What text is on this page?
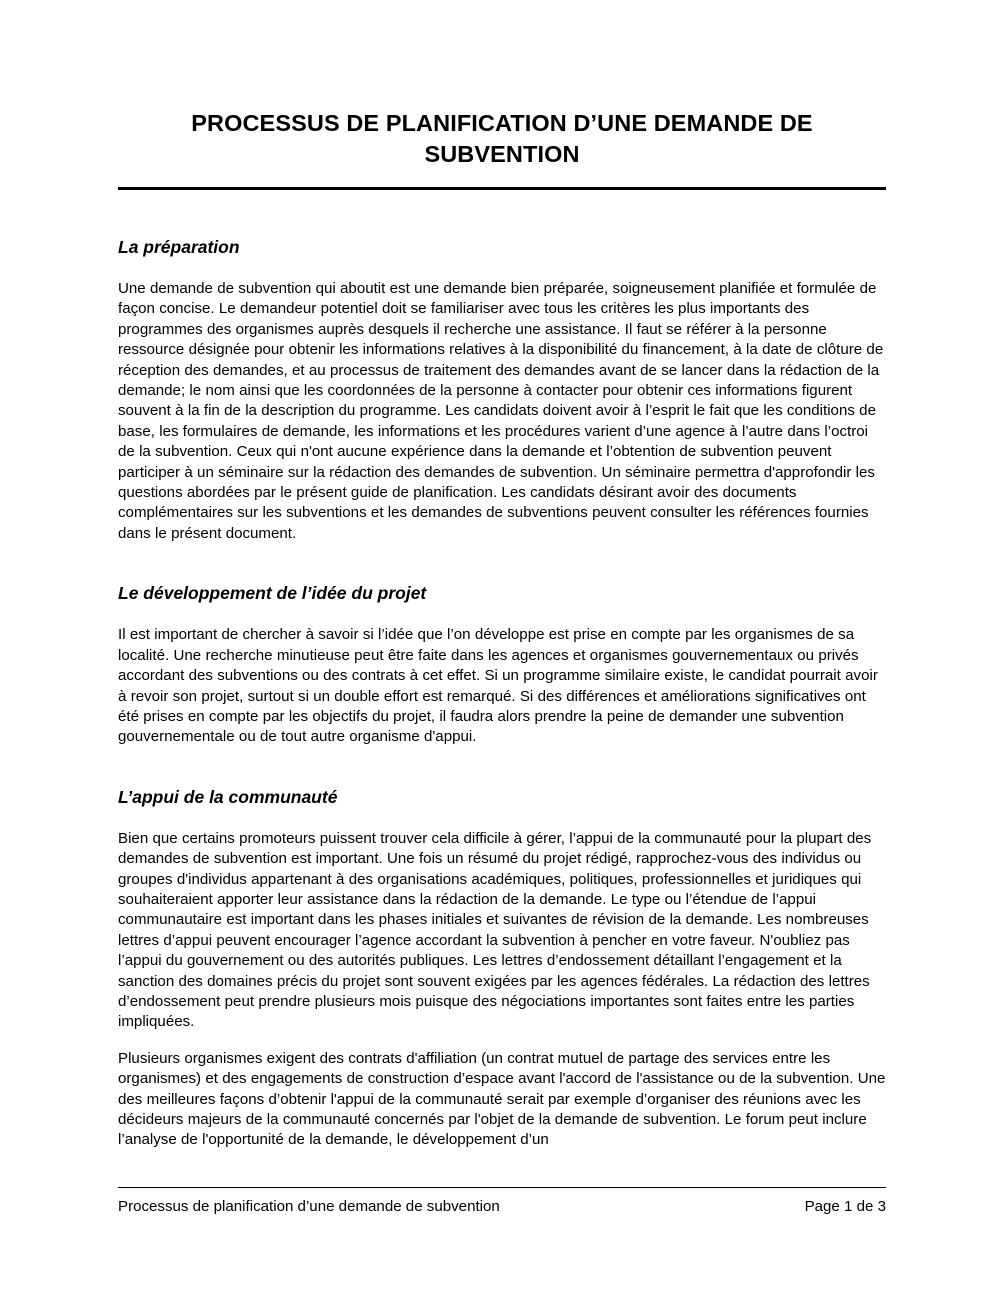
PROCESSUS DE PLANIFICATION D’UNE DEMANDE DE
SUBVENTION
La préparation

Une demande de subvention qui aboutit est une demande bien préparée, soigneusement planifiée et formulée de façon concise. Le demandeur potentiel doit se familiariser avec tous les critères les plus importants des programmes des organismes auprès desquels il recherche une assistance. Il faut se référer à la personne ressource désignée pour obtenir les informations relatives à la disponibilité du financement, à la date de clôture de réception des demandes, et au processus de traitement des demandes avant de se lancer dans la rédaction de la demande; le nom ainsi que les coordonnées de la personne à contacter pour obtenir ces informations figurent souvent à la fin de la description du programme. Les candidats doivent avoir à l’esprit le fait que les conditions de base, les formulaires de demande, les informations et les procédures varient d’une agence à l’autre dans l’octroi de la subvention. Ceux qui n'ont aucune expérience dans la demande et l’obtention de subvention peuvent participer à un séminaire sur la rédaction des demandes de subvention. Un séminaire permettra d'approfondir les questions abordées par le présent guide de planification. Les candidats désirant avoir des documents complémentaires sur les subventions et les demandes de subventions peuvent consulter les références fournies dans le présent document.

Le développement de l’idée du projet

Il est important de chercher à savoir si l’idée que l’on développe est prise en compte par les organismes de sa localité. Une recherche minutieuse peut être faite dans les agences et organismes gouvernementaux ou privés accordant des subventions ou des contrats à cet effet. Si un programme similaire existe, le candidat pourrait avoir à revoir son projet, surtout si un double effort est remarqué. Si des différences et améliorations significatives ont été prises en compte par les objectifs du projet, il faudra alors prendre la peine de demander une subvention gouvernementale ou de tout autre organisme d'appui.

L’appui de la communauté

Bien que certains promoteurs puissent trouver cela difficile à gérer, l’appui de la communauté pour la plupart des demandes de subvention est important. Une fois un résumé du projet rédigé, rapprochez-vous des individus ou groupes d'individus appartenant à des organisations académiques, politiques, professionnelles et juridiques qui souhaiteraient apporter leur assistance dans la rédaction de la demande. Le type ou l’étendue de l’appui communautaire est important dans les phases initiales et suivantes de révision de la demande. Les nombreuses lettres d’appui peuvent encourager l’agence accordant la subvention à pencher en votre faveur. N'oubliez pas l’appui du gouvernement ou des autorités publiques. Les lettres d’endossement détaillant l’engagement et la sanction des domaines précis du projet sont souvent exigées par les agences fédérales. La rédaction des lettres d’endossement peut prendre plusieurs mois puisque des négociations importantes sont faites entre les parties impliquées.

Plusieurs organismes exigent des contrats d'affiliation (un contrat mutuel de partage des services entre les organismes) et des engagements de construction d’espace avant l'accord de l'assistance ou de la subvention. Une des meilleures façons d’obtenir l'appui de la communauté serait par exemple d’organiser des réunions avec les décideurs majeurs de la communauté concernés par l'objet de la demande de subvention. Le forum peut inclure l’analyse de l'opportunité de la demande, le développement d’un

Processus de planification d’une demande de subvention	Page 1 de 3
